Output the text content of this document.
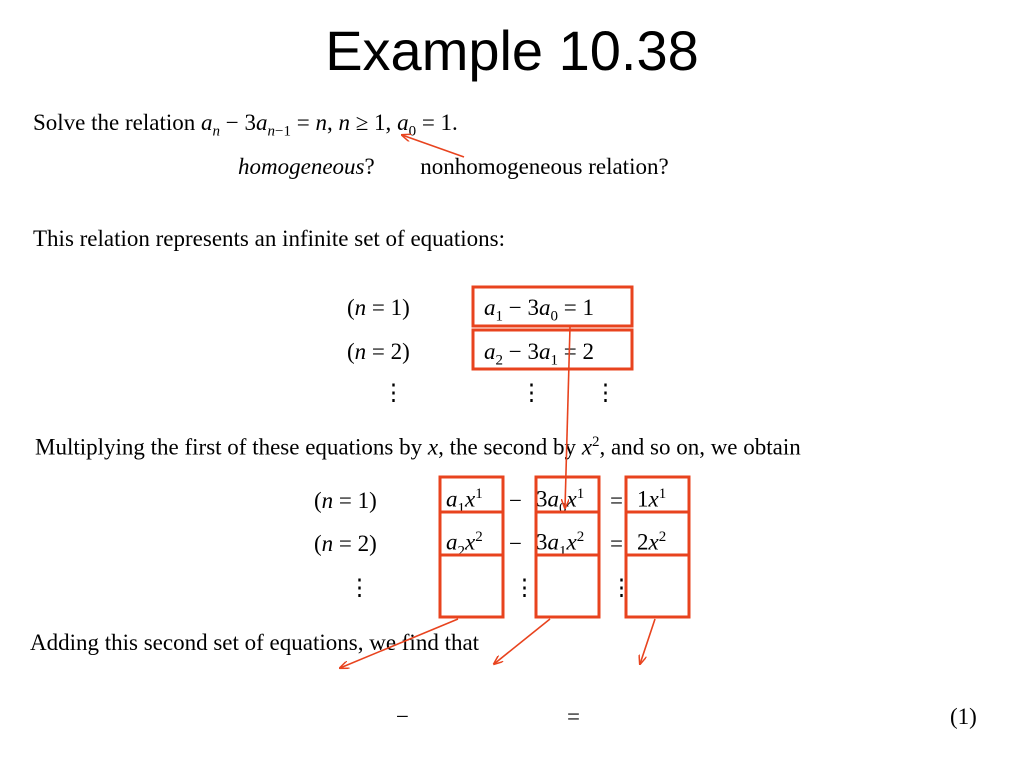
Example 10.38
Solve the relation $a_n - 3a_{n-1} = n$, n ≥ 1, $a_0 = 1$.
homogeneous? nonhomogeneous relation?
This relation represents an infinite set of equations:
(n = 1)	$a_1 - 3a_0 = 1$
(n = 2)	$a_2 - 3a_1 = 2$
⋮	⋮ ⋮
Multiplying the first of these equations by x, the second by $x^2$, and so on, we obtain
(n = 1)	$a_1x^1 - 3a_0x^1 = 1x^1$
(n = 2)	$a_2x^2 - 3a_1x^2 = 2x^2$
⋮	⋮	⋮
Adding this second set of equations, we find that
−	=	(1)
